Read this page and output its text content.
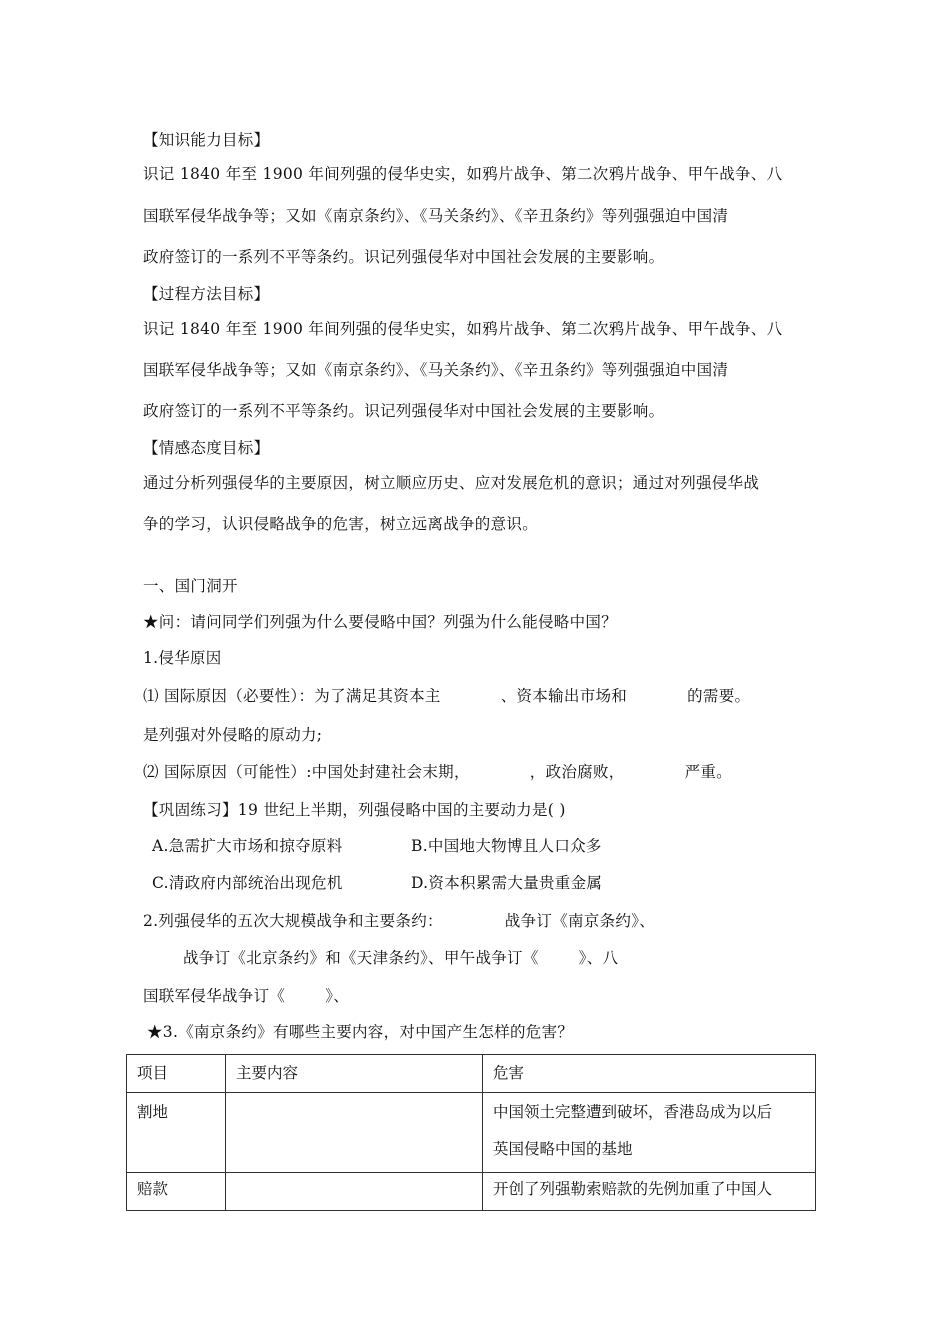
【知识能力目标】
识记 1840 年至 1900 年间列强的侵华史实，如鸦片战争、第二次鸦片战争、甲午战争、八
国联军侵华战争等；又如《南京条约》、《马关条约》、《辛丑条约》等列强强迫中国清
政府签订的一系列不平等条约。识记列强侵华对中国社会发展的主要影响。
【过程方法目标】
识记 1840 年至 1900 年间列强的侵华史实，如鸦片战争、第二次鸦片战争、甲午战争、八
国联军侵华战争等；又如《南京条约》、《马关条约》、《辛丑条约》等列强强迫中国清
政府签订的一系列不平等条约。识记列强侵华对中国社会发展的主要影响。
【情感态度目标】
通过分析列强侵华的主要原因，树立顺应历史、应对发展危机的意识；通过对列强侵华战
争的学习，认识侵略战争的危害，树立远离战争的意识。
一、国门洞开
★问：请问同学们列强为什么要侵略中国？列强为什么能侵略中国？
1.侵华原因
⑴ 国际原因（必要性）：为了满足其资本主	、资本输出市场和	的需要。
是列强对外侵略的原动力;
⑵ 国际原因（可能性）:中国处封建社会末期，	，政治腐败，	严重。
【巩固练习】19 世纪上半期，列强侵略中国的主要动力是( )
A.急需扩大市场和掠夺原料	B.中国地大物博且人口众多
C.清政府内部统治出现危机	D.资本积累需大量贵重金属
2.列强侵华的五次大规模战争和主要条约：	战争订《南京条约》、
战争订《北京条约》和《天津条约》、甲午战争订《	》、八
国联军侵华战争订《	》、
★3.《南京条约》有哪些主要内容，对中国产生怎样的危害？
项目	主要内容	危害

割地		中国领土完整遭到破坏，香港岛成为以后

英国侵略中国的基地

赔款		开创了列强勒索赔款的先例加重了中国人
